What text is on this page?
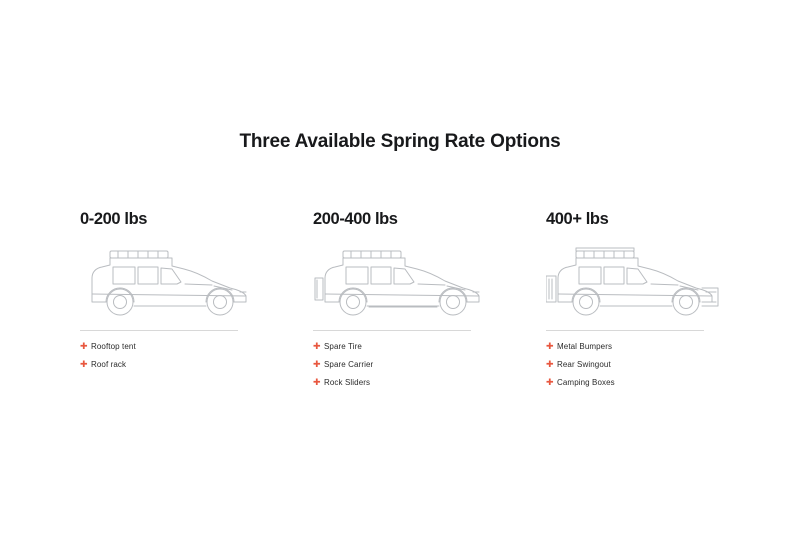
Three Available Spring Rate Options
0-200 lbs
✚ Rooftop tent
✚ Roof rack
200-400 lbs
✚ Spare Tire
✚ Spare Carrier
✚ Rock Sliders
400+ lbs
✚ Metal Bumpers
✚ Rear Swingout
✚ Camping Boxes
